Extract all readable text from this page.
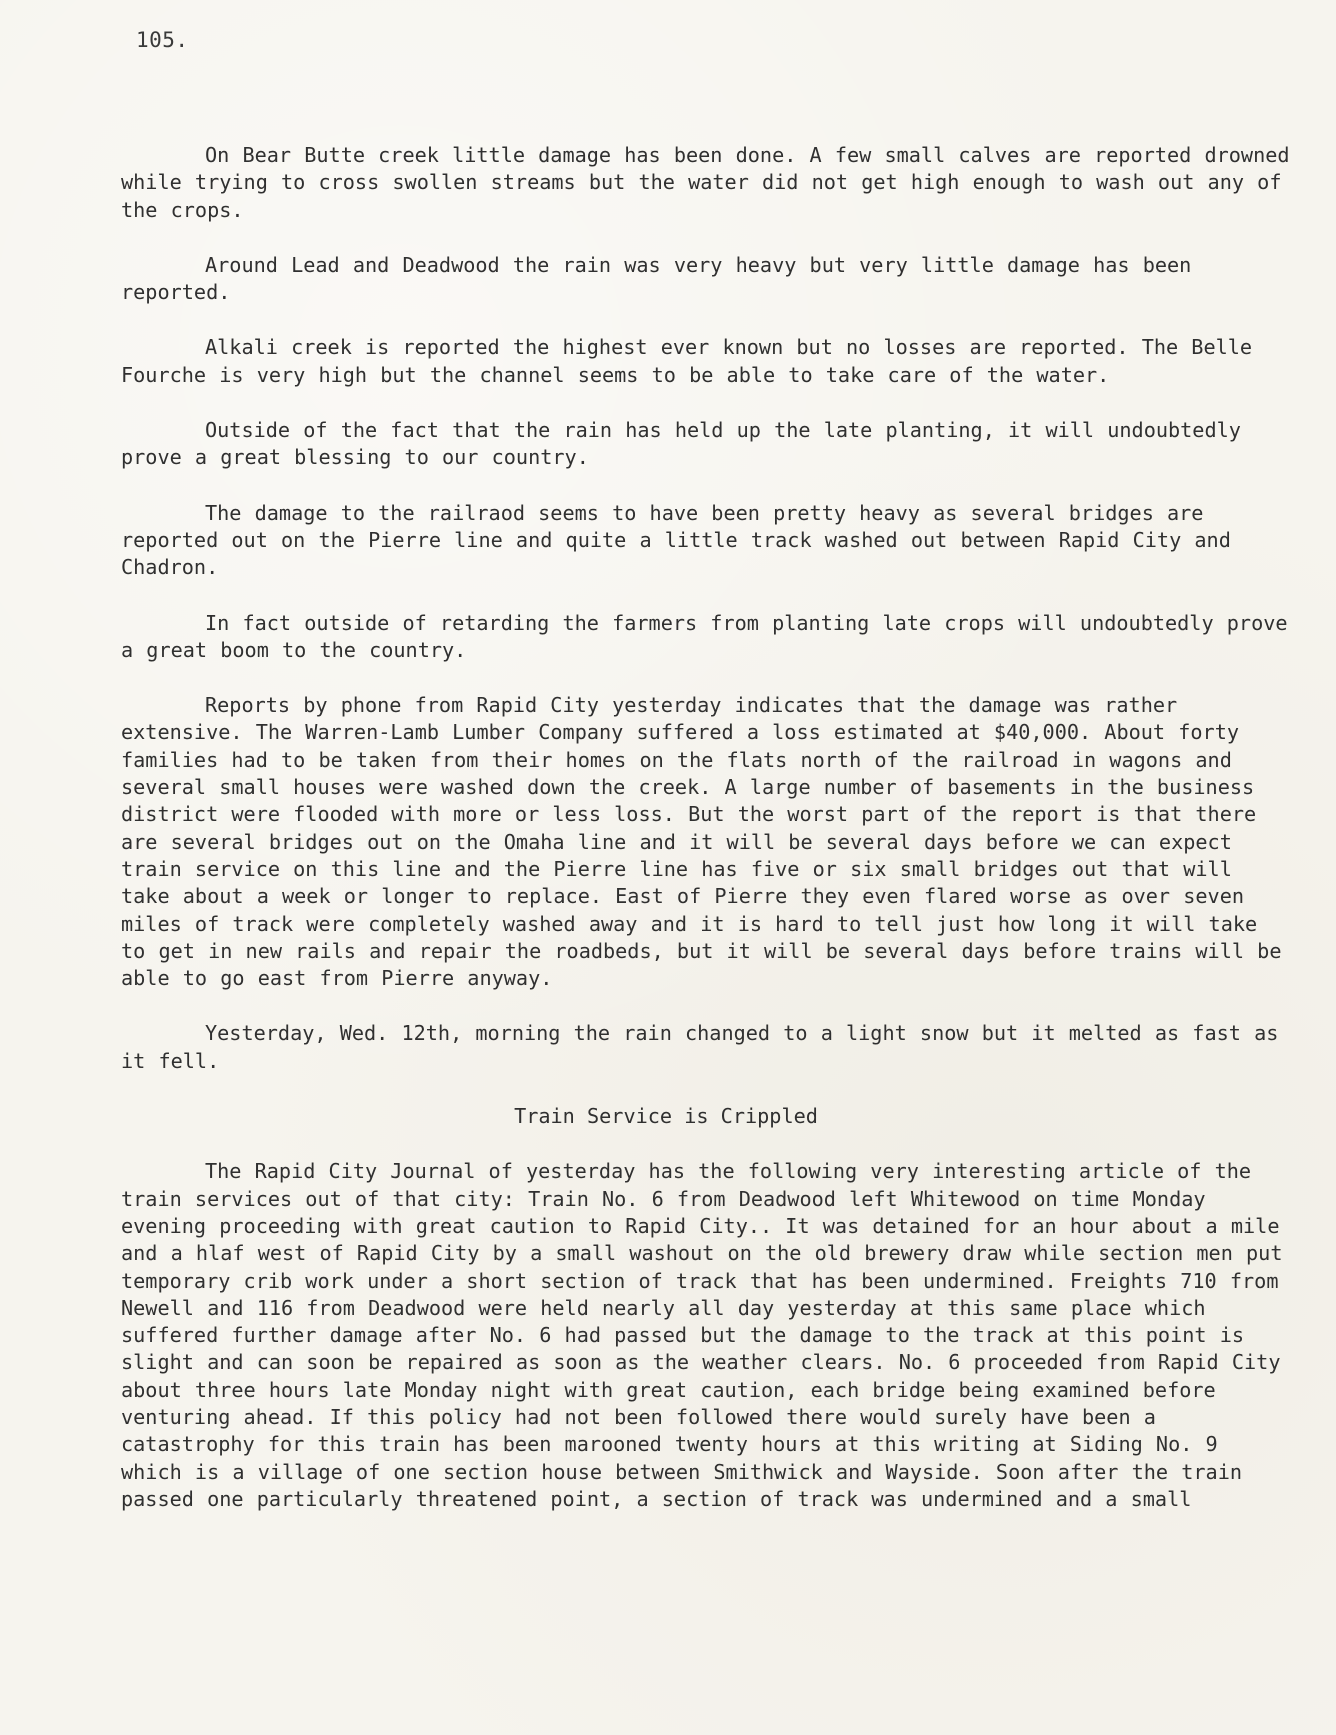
105.

On Bear Butte creek little damage has been done. A few small calves are reported drowned while trying to cross swollen streams but the water did not get high enough to wash out any of the crops.

Around Lead and Deadwood the rain was very heavy but very little damage has been reported.

Alkali creek is reported the highest ever known but no losses are reported. The Belle Fourche is very high but the channel seems to be able to take care of the water.

Outside of the fact that the rain has held up the late planting, it will undoubtedly prove a great blessing to our country.

The damage to the railraod seems to have been pretty heavy as several bridges are reported out on the Pierre line and quite a little track washed out between Rapid City and Chadron.

In fact outside of retarding the farmers from planting late crops will undoubtedly prove a great boom to the country.

Reports by phone from Rapid City yesterday indicates that the damage was rather extensive. The Warren-Lamb Lumber Company suffered a loss estimated at $40,000. About forty families had to be taken from their homes on the flats north of the railroad in wagons and several small houses were washed down the creek. A large number of basements in the business district were flooded with more or less loss. But the worst part of the report is that there are several bridges out on the Omaha line and it will be several days before we can expect train service on this line and the Pierre line has five or six small bridges out that will take about a week or longer to replace. East of Pierre they even flared worse as over seven miles of track were completely washed away and it is hard to tell just how long it will take to get in new rails and repair the roadbeds, but it will be several days before trains will be able to go east from Pierre anyway.

Yesterday, Wed. 12th, morning the rain changed to a light snow but it melted as fast as it fell.

Train Service is Crippled

The Rapid City Journal of yesterday has the following very interesting article of the train services out of that city: Train No. 6 from Deadwood left Whitewood on time Monday evening proceeding with great caution to Rapid City.. It was detained for an hour about a mile and a hlaf west of Rapid City by a small washout on the old brewery draw while section men put temporary crib work under a short section of track that has been undermined. Freights 710 from Newell and 116 from Deadwood were held nearly all day yesterday at this same place which suffered further damage after No. 6 had passed but the damage to the track at this point is slight and can soon be repaired as soon as the weather clears. No. 6 proceeded from Rapid City about three hours late Monday night with great caution, each bridge being examined before venturing ahead. If this policy had not been followed there would surely have been a catastrophy for this train has been marooned twenty hours at this writing at Siding No. 9 which is a village of one section house between Smithwick and Wayside. Soon after the train passed one particularly threatened point, a section of track was undermined and a small
